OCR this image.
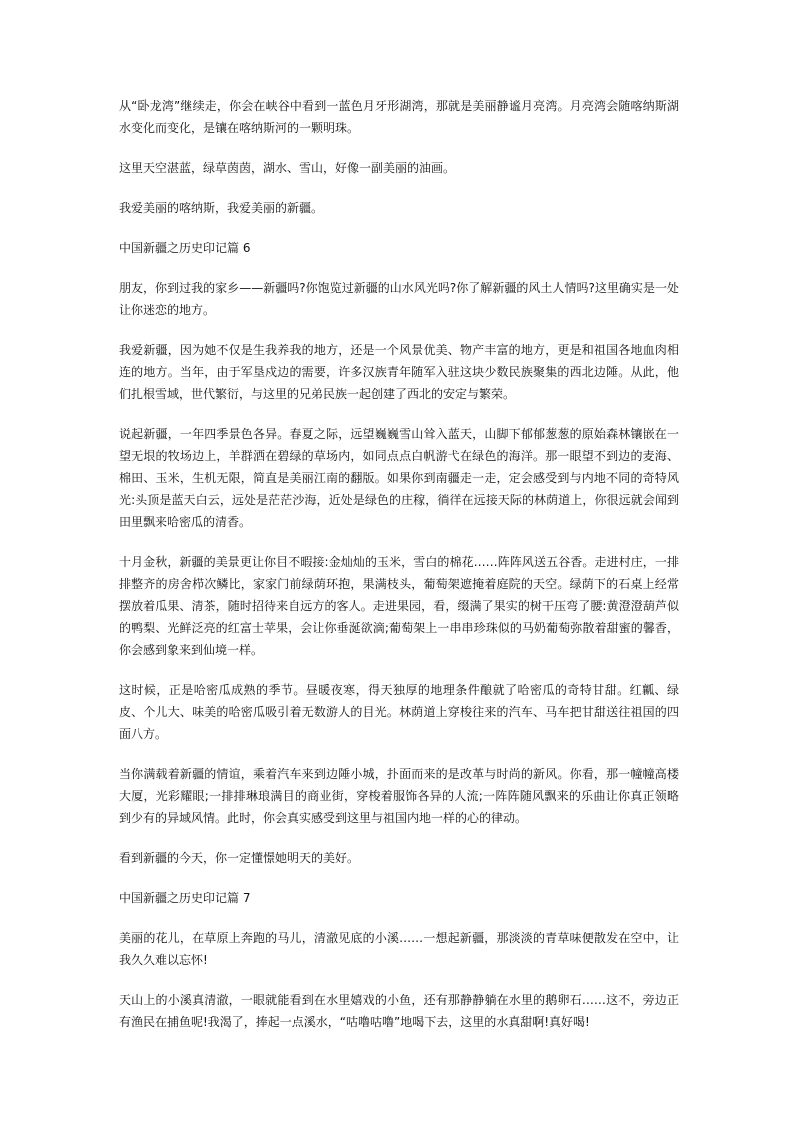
从“卧龙湾”继续走，你会在峡谷中看到一蓝色月牙形湖湾，那就是美丽静谧月亮湾。月亮湾会随喀纳斯湖水变化而变化，是镶在喀纳斯河的一颗明珠。

这里天空湛蓝，绿草茵茵，湖水、雪山，好像一副美丽的油画。

我爱美丽的喀纳斯，我爱美丽的新疆。

中国新疆之历史印记篇 6

朋友，你到过我的家乡——新疆吗?你饱览过新疆的山水风光吗?你了解新疆的风土人情吗?这里确实是一处让你迷恋的地方。

我爱新疆，因为她不仅是生我养我的地方，还是一个风景优美、物产丰富的地方，更是和祖国各地血肉相连的地方。当年，由于军垦戍边的需要，许多汉族青年随军入驻这块少数民族聚集的西北边陲。从此，他们扎根雪域，世代繁衍，与这里的兄弟民族一起创建了西北的安定与繁荣。

说起新疆，一年四季景色各异。春夏之际，远望巍巍雪山耸入蓝天，山脚下郁郁葱葱的原始森林镶嵌在一望无垠的牧场边上，羊群洒在碧绿的草场内，如同点点白帆游弋在绿色的海洋。那一眼望不到边的麦海、棉田、玉米，生机无限，简直是美丽江南的翻版。如果你到南疆走一走，定会感受到与内地不同的奇特风光:头顶是蓝天白云，远处是茫茫沙海，近处是绿色的庄稼，徜徉在远接天际的林荫道上，你很远就会闻到田里飘来哈密瓜的清香。

十月金秋，新疆的美景更让你目不暇接:金灿灿的玉米，雪白的棉花……阵阵风送五谷香。走进村庄，一排排整齐的房舍栉次鳞比，家家门前绿荫环抱，果满枝头，葡萄架遮掩着庭院的天空。绿荫下的石桌上经常摆放着瓜果、清茶，随时招待来自远方的客人。走进果园，看，缀满了果实的树干压弯了腰:黄澄澄葫芦似的鸭梨、光鲜泛亮的红富士苹果，会让你垂涎欲滴;葡萄架上一串串珍珠似的马奶葡萄弥散着甜蜜的馨香，你会感到象来到仙境一样。

这时候，正是哈密瓜成熟的季节。昼暖夜寒，得天独厚的地理条件酿就了哈密瓜的奇特甘甜。红瓤、绿皮、个儿大、味美的哈密瓜吸引着无数游人的目光。林荫道上穿梭往来的汽车、马车把甘甜送往祖国的四面八方。

当你满载着新疆的情谊，乘着汽车来到边陲小城，扑面而来的是改革与时尚的新风。你看，那一幢幢高楼大厦，光彩耀眼;一排排琳琅满目的商业街，穿梭着服饰各异的人流;一阵阵随风飘来的乐曲让你真正领略到少有的异域风情。此时，你会真实感受到这里与祖国内地一样的心的律动。

看到新疆的今天，你一定懂憬她明天的美好。

中国新疆之历史印记篇 7

美丽的花儿，在草原上奔跑的马儿，清澈见底的小溪……一想起新疆，那淡淡的青草味便散发在空中，让我久久难以忘怀!

天山上的小溪真清澈，一眼就能看到在水里嬉戏的小鱼，还有那静静躺在水里的鹅卵石……这不，旁边正有渔民在捕鱼呢!我渴了，捧起一点溪水，“咕噜咕噜”地喝下去，这里的水真甜啊!真好喝!
